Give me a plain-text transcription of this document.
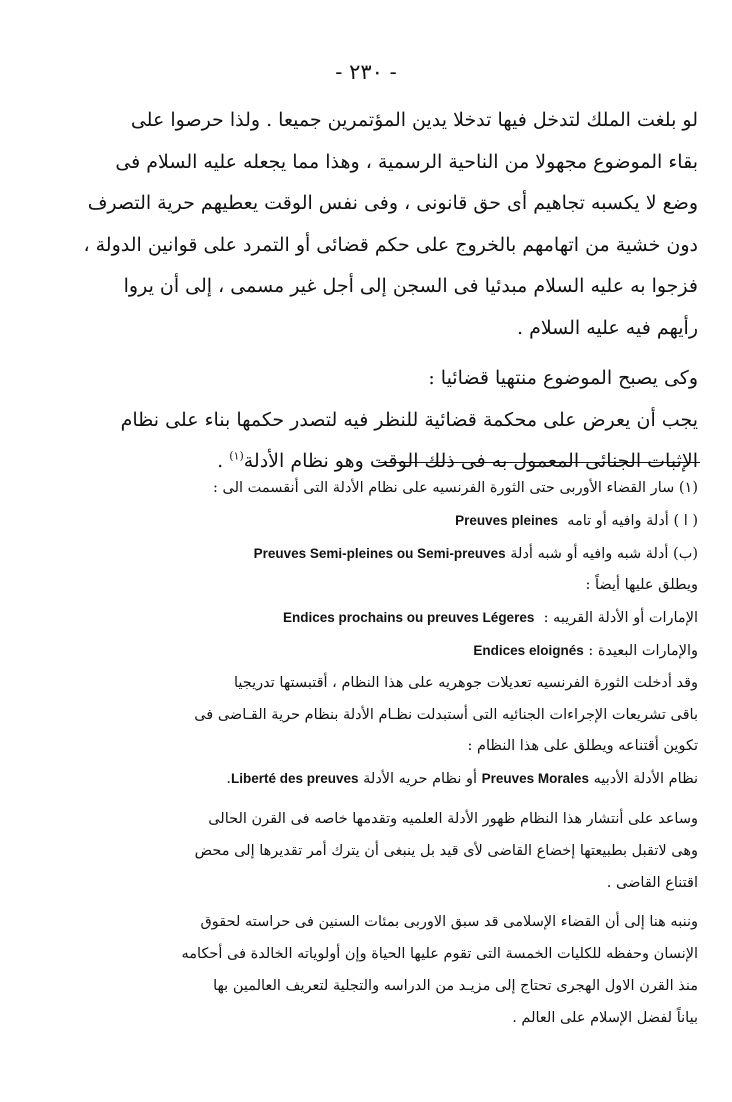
- ٢٣٠ -

لو بلغت الملك لتدخل فيها تدخلا يدين المؤتمرين جميعا . ولذا حرصوا على

بقاء الموضوع مجهولا من الناحية الرسمية ، وهذا مما يجعله عليه السلام فى

وضع لا يكسبه تجاهيم أى حق قانونى ، وفى نفس الوقت يعطيهم حرية التصرف

دون خشية من اتهامهم بالخروج على حكم قضائى أو التمرد على قوانين الدولة ،

فزجوا به عليه السلام مبدئيا فى السجن إلى أجل غير مسمى ، إلى أن يروا

رأيهم فيه عليه السلام .

وكى يصبح الموضوع منتهيا قضائيا :

يجب أن يعرض على محكمة قضائية للنظر فيه لتصدر حكمها بناء على نظام

الإثبات الجنائى المعمول به فى ذلك الوقت وهو نظام الأدلة$^{(١)}$ .

(١) سار القضاء الأوربى حتى الثورة الفرنسيه على نظام الأدلة التى أنقسمت الى :

( ا ) أدلة وافيه أو تامه  Preuves pleines

(ب) أدلة شبه وافيه أو شبه أدلة Preuves Semi-pleines ou Semi-preuves

ويطلق عليها أيضاً :

الإمارات أو الأدلة القريبه :  Endices prochains ou preuves Légeres

والإمارات البعيدة : Endices eloignés

وقد أدخلت الثورة الفرنسيه تعديلات جوهريه على هذا النظام ، أقتبستها تدريجيا

باقى تشريعات الإجراءات الجنائيه التى أستبدلت نظـام الأدلة بنظام حرية القـاضى فى

تكوين أقتناعه ويطلق على هذا النظام :

نظام الأدلة الأدبيه Preuves Morales أو نظام حريه الأدلة Liberté des preuves.

وساعد على أنتشار هذا النظام ظهور الأدلة العلميه وتقدمها خاصه فى القرن الحالى

وهى لاتقبل بطبيعتها إخضاع القاضى لأى قيد بل ينبغى أن يترك أمر تقديرها إلى محض

اقتناع القاضى .

وننبه هنا إلى أن القضاء الإسلامى قد سبق الاوربى بمئات السنين فى حراسته لحقوق

الإنسان وحفظه للكليات الخمسة التى تقوم عليها الحياة وإن أولوياته الخالدة فى أحكامه

منذ القرن الاول الهجرى تحتاج إلى مزيـد من الدراسه والتجلية لتعريف العالمين بها

بياناً لفضل الإسلام على العالم .
